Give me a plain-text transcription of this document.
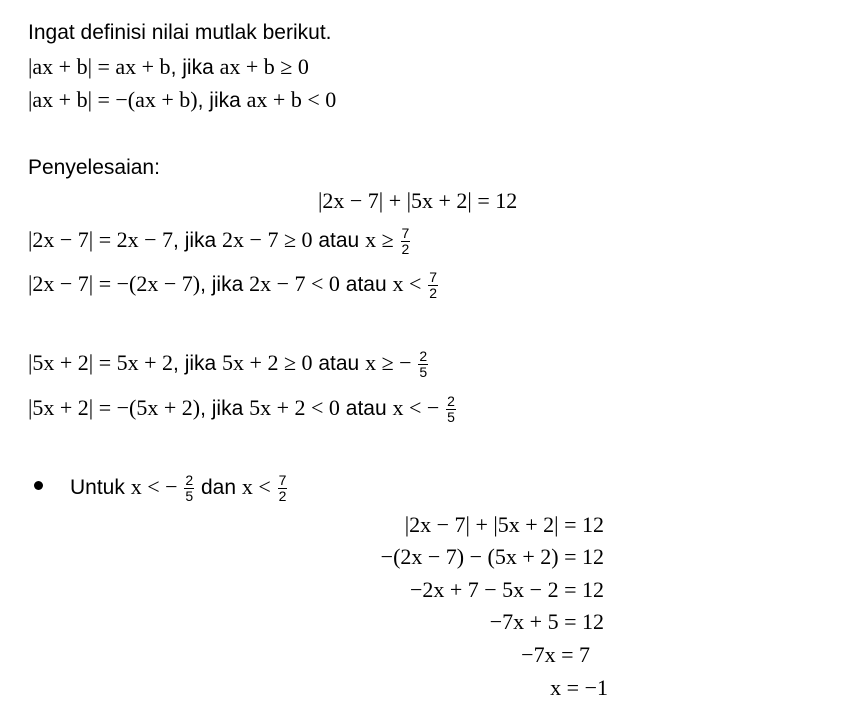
Ingat definisi nilai mutlak berikut.
|ax + b| = ax + b, jika ax + b ≥ 0
|ax + b| = −(ax + b), jika ax + b < 0
Penyelesaian:
|2x − 7| + |5x + 2| = 12
|2x − 7| = 2x − 7, jika 2x − 7 ≥ 0 atau $x \ge \frac{7}{2}$
|2x − 7| = −(2x − 7), jika 2x − 7 < 0 atau $x < \frac{7}{2}$
|5x + 2| = 5x + 2, jika 5x + 2 ≥ 0 atau x ≥ − $\frac{2}{5}$
|5x + 2| = −(5x + 2), jika 5x + 2 < 0 atau x < − $\frac{2}{5}$
Untuk x < − $\frac{2}{5}$ dan $x < \frac{7}{2}$
|2x − 7| + |5x + 2| = 12
−(2x − 7) − (5x + 2) = 12
−2x + 7 − 5x − 2 = 12
−7x + 5 = 12
−7x = 7
x = −1
